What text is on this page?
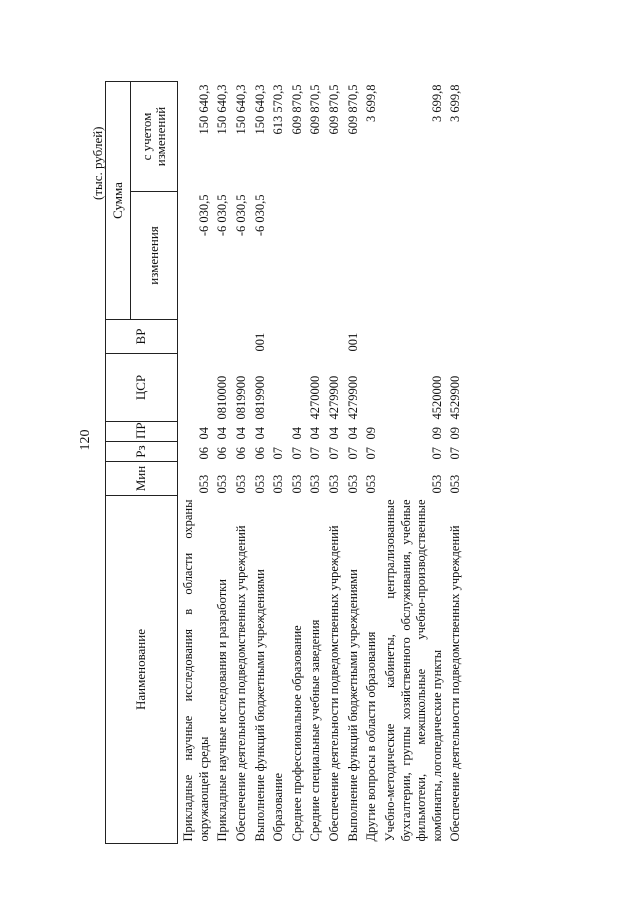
120
(тыс. рублей)
Наименование	Мин	Рз	ПР	ЦСР	ВР	Сумма	
						изменения	с учетом изменений
Прикладные научные исследования в области охраны окружающей среды	053	06	04			-6 030,5	150 640,3
Прикладные научные исследования и разработки	053	06	04	0810000		-6 030,5	150 640,3
Обеспечение деятельности подведомственных учреждений	053	06	04	0819900		-6 030,5	150 640,3
Выполнение функций бюджетными учреждениями	053	06	04	0819900	001	-6 030,5	150 640,3
Образование	053	07					613 570,3
Среднее профессиональное образование	053	07	04				609 870,5
Средние специальные учебные заведения	053	07	04	4270000			609 870,5
Обеспечение деятельности подведомственных учреждений	053	07	04	4279900			609 870,5
Выполнение функций бюджетными учреждениями	053	07	04	4279900	001		609 870,5
Другие вопросы в области образования	053	07	09				3 699,8
Учебно-методические кабинеты, централизованные бухгалтерии, группы хозяйственного обслуживания, учебные фильмотеки, межшкольные учебно-производственные комбинаты, логопедические пункты	053	07	09	4520000			3 699,8
Обеспечение деятельности подведомственных учреждений	053	07	09	4529900			3 699,8
